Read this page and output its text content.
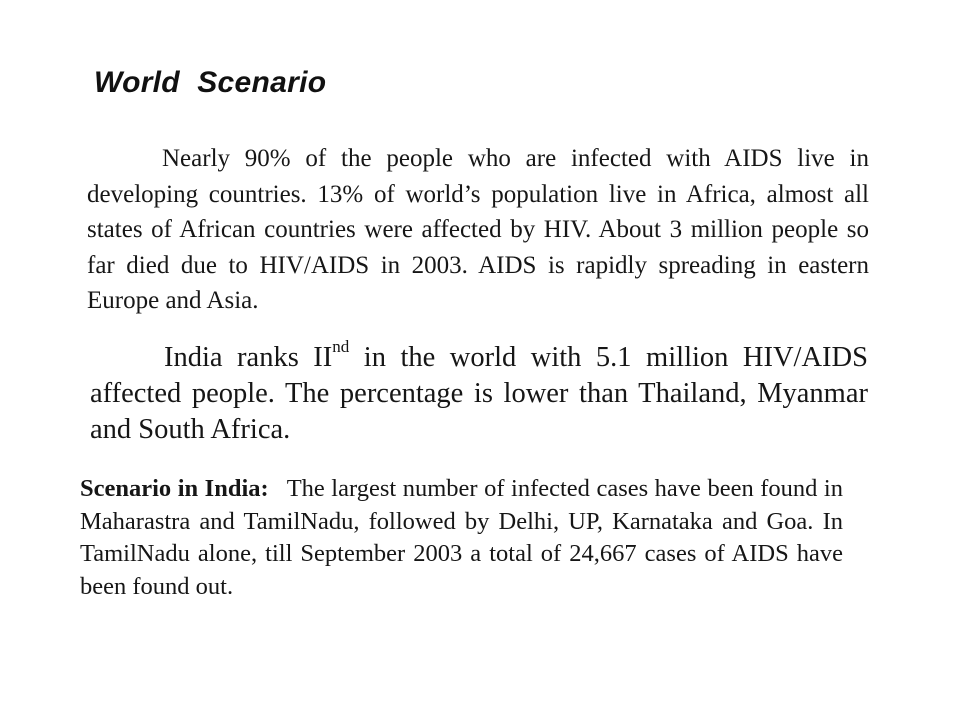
World  Scenario

Nearly 90% of the people who are infected with AIDS live in developing countries. 13% of world’s population live in Africa, almost all states of African countries were affected by HIV. About 3 million people so far died due to HIV/AIDS in 2003. AIDS is rapidly spreading in eastern Europe and Asia.

India ranks IInd in the world with 5.1 million HIV/AIDS affected people. The percentage is lower than Thailand, Myanmar and South Africa.

Scenario in India: The largest number of infected cases have been found in Maharastra and TamilNadu, followed by Delhi, UP, Karnataka and Goa. In TamilNadu alone, till September 2003 a total of 24,667 cases of AIDS have been found out.
